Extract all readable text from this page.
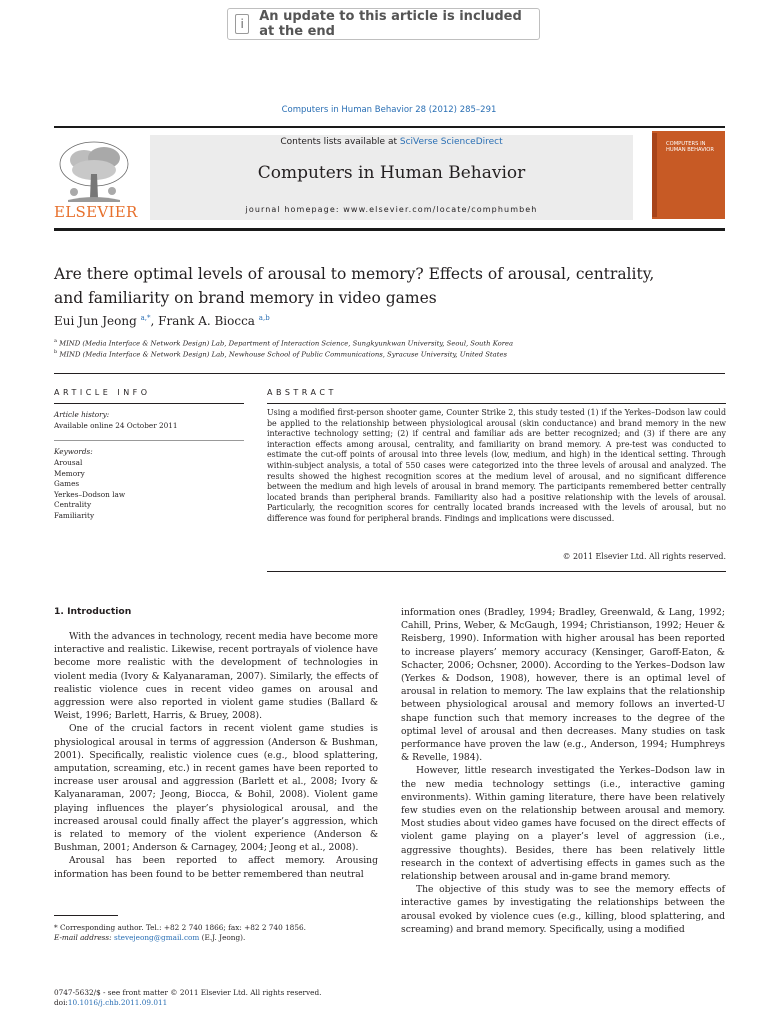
i	An update to this article is included at the end
Computers in Human Behavior 28 (2012) 285–291
ELSEVIER
Contents lists available at SciVerse ScienceDirect
Computers in Human Behavior
journal homepage: www.elsevier.com/locate/comphumbeh
COMPUTERS IN HUMAN BEHAVIOR
Are there optimal levels of arousal to memory? Effects of arousal, centrality,
and familiarity on brand memory in video games
Eui Jun Jeong $^{a,*}$, Frank A. Biocca $^{a,b}$
$^a$ MIND (Media Interface & Network Design) Lab, Department of Interaction Science, Sungkyunkwan University, Seoul, South Korea
$^b$ MIND (Media Interface & Network Design) Lab, Newhouse School of Public Communications, Syracuse University, United States
ARTICLE INFO
Article history:
Available online 24 October 2011
Keywords:
Arousal
Memory
Games
Yerkes–Dodson law
Centrality
Familiarity
ABSTRACT
Using a modified first-person shooter game, Counter Strike 2, this study tested (1) if the Yerkes–Dodson law could be applied to the relationship between physiological arousal (skin conductance) and brand memory in the new interactive technology setting; (2) if central and familiar ads are better recognized; and (3) if there are any interaction effects among arousal, centrality, and familiarity on brand memory. A pre-test was conducted to estimate the cut-off points of arousal into three levels (low, medium, and high) in the identical setting. Through within-subject analysis, a total of 550 cases were categorized into the three levels of arousal and analyzed. The results showed the highest recognition scores at the medium level of arousal, and no significant difference between the medium and high levels of arousal in brand memory. The participants remembered better centrally located brands than peripheral brands. Familiarity also had a positive relationship with the levels of arousal. Particularly, the recognition scores for centrally located brands increased with the levels of arousal, but no difference was found for peripheral brands. Findings and implications were discussed.
© 2011 Elsevier Ltd. All rights reserved.
1. Introduction

With the advances in technology, recent media have become more interactive and realistic. Likewise, recent portrayals of violence have become more realistic with the development of technologies in violent media (Ivory & Kalyanaraman, 2007). Similarly, the effects of realistic violence cues in recent video games on arousal and aggression were also reported in violent game studies (Ballard & Weist, 1996; Barlett, Harris, & Bruey, 2008).

One of the crucial factors in recent violent game studies is physiological arousal in terms of aggression (Anderson & Bushman, 2001). Specifically, realistic violence cues (e.g., blood splattering, amputation, screaming, etc.) in recent games have been reported to increase user arousal and aggression (Barlett et al., 2008; Ivory & Kalyanaraman, 2007; Jeong, Biocca, & Bohil, 2008). Violent game playing influences the player’s physiological arousal, and the increased arousal could finally affect the player’s aggression, which is related to memory of the violent experience (Anderson & Bushman, 2001; Anderson & Carnagey, 2004; Jeong et al., 2008).

Arousal has been reported to affect memory. Arousing information has been found to be better remembered than neutral

information ones (Bradley, 1994; Bradley, Greenwald, & Lang, 1992; Cahill, Prins, Weber, & McGaugh, 1994; Christianson, 1992; Heuer & Reisberg, 1990). Information with higher arousal has been reported to increase players’ memory accuracy (Kensinger, Garoff-Eaton, & Schacter, 2006; Ochsner, 2000). According to the Yerkes–Dodson law (Yerkes & Dodson, 1908), however, there is an optimal level of arousal in relation to memory. The law explains that the relationship between physiological arousal and memory follows an inverted-U shape function such that memory increases to the degree of the optimal level of arousal and then decreases. Many studies on task performance have proven the law (e.g., Anderson, 1994; Humphreys & Revelle, 1984).

However, little research investigated the Yerkes–Dodson law in the new media technology settings (i.e., interactive gaming environments). Within gaming literature, there have been relatively few studies even on the relationship between arousal and memory. Most studies about video games have focused on the direct effects of violent game playing on a player’s level of aggression (i.e., aggressive thoughts). Besides, there has been relatively little research in the context of advertising effects in games such as the relationship between arousal and in-game brand memory.

The objective of this study was to see the memory effects of interactive games by investigating the relationships between the arousal evoked by violence cues (e.g., killing, blood splattering, and screaming) and brand memory. Specifically, using a modified

* Corresponding author. Tel.: +82 2 740 1866; fax: +82 2 740 1856.
E-mail address: stevejeong@gmail.com (E.J. Jeong).
0747-5632/$ - see front matter © 2011 Elsevier Ltd. All rights reserved.
doi:10.1016/j.chb.2011.09.011
